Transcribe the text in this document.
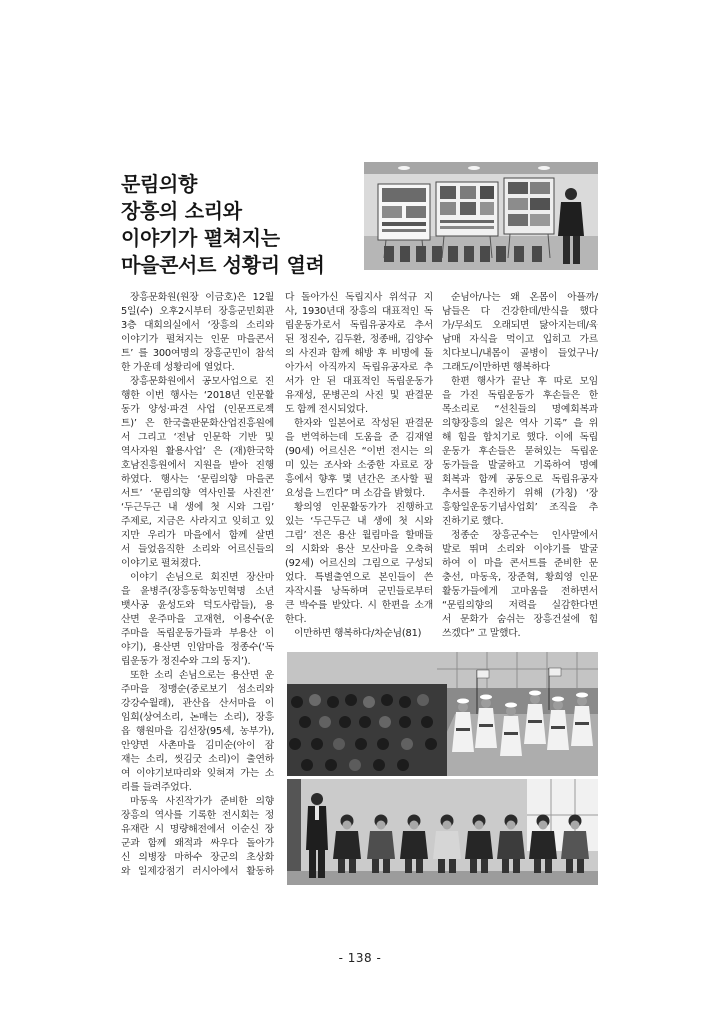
문림의향
장흥의 소리와
이야기가 펼쳐지는
마을콘서트 성황리 열려
장흥문화원(원장 이금호)은 12월
5일(수) 오후2시부터 장흥군민회관
3층 대회의실에서 ‘장흥의 소리와
이야기가 펼쳐지는 인문 마을콘서
트’ 를 300여명의 장흥군민이 참석
한 가운데 성황리에 열었다.
장흥문화원에서 공모사업으로 진
행한 이번 행사는 ‘2018년 인문활
동가 양성·파견 사업 (인문프로젝
트)’ 은 한국출판문화산업진흥원에
서 그리고 ‘전남 인문학 기반 및
역사자원 활용사업’ 은 (재)한국학
호남진흥원에서 지원을 받아 진행
하였다. 행사는 ‘문림의향 마을콘
서트’ ‘문림의향 역사인물 사진전’
‘두근두근 내 생에 첫 시와 그림’
주제로, 지금은 사라지고 잊히고 있
지만 우리가 마을에서 함께 살면
서 들었음직한 소리와 어르신들의
이야기로 펼쳐졌다.
이야기 손님으로 회진면 장산마
을 윤병주(장흥동학농민혁명 소년
뱃사공 윤성도와 덕도사람들), 용
산면 운주마을 고재현, 이용수(운
주마을 독립운동가들과 부용산 이
야기), 용산면 인암마을 정종수(‘독
립운동가 정진수와 그의 동지’).
또한 소리 손님으로는 용산면 운
주마을 정맹순(중로보기 섬소리와
강강수월래), 관산읍 산서마을 이
임희(상여소리, 논매는 소리), 장흥
읍 행원마을 김선장(95세, 농부가),
안양면 사촌마을 김미순(아이 잠
재는 소리, 씻김굿 소리)이 출연하
여 이야기보따리와 잊혀져 가는 소
리를 들려주었다.
마동욱 사진작가가 준비한 의향
장흥의 역사를 기록한 전시회는 정
유재란 시 명량해전에서 이순신 장
군과 함께 왜적과 싸우다 돌아가
신 의병장 마하수 장군의 초상화
와 일제강점기 러시아에서 활동하
다 돌아가신 독립지사 위석규 지
사, 1930년대 장흥의 대표적인 독
립운동가로서 독립유공자로 추서
된 정진수, 김두환, 정종배, 김양수
의 사진과 함께 해방 후 비명에 돌
아가서 아직까지 독립유공자로 추
서가 안 된 대표적인 독립운동가
유재성, 문병곤의 사진 및 판결문
도 함께 전시되었다.
한자와 일본어로 작성된 판결문
을 번역하는데 도움을 준 김재열
(90세) 어르신은 “이번 전시는 의
미 있는 조사와 소중한 자료로 장
흥에서 향후 몇 년간은 조사할 필
요성을 느낀다” 며 소감을 밝혔다.
황의영 인문활동가가 진행하고
있는 ‘두근두근 내 생에 첫 시와
그림’ 전은 용산 월림마을 할매들
의 시화와 용산 모산마을 오축혀
(92세) 어르신의 그림으로 구성되
었다. 특별출연으로 본인들이 쓴
자작시를 낭독하며 군민들로부터
큰 박수를 받았다. 시 한편을 소개
한다.
이만하면 행복하다/차순님(81)
순님아/나는 왜 온몸이 아플까/
남들은 다 건강한데/반식을 했다
가/무쇠도 오래되면 닳아지는데/육
남매 자식을 먹이고 입히고 가르
치다보니/내몸이 골병이 들었구나/
그래도/이만하면 행복하다
한편 행사가 끝난 후 따로 모임
을 가진 독립운동가 후손들은 한
목소리로 “선친들의 명예회복과
의향장흥의 잃은 역사 기록” 을 위
해 힘을 합치기로 했다. 이에 독립
운동가 후손들은 묻혀있는 독립운
동가들을 발굴하고 기록하여 명예
회복과 함께 공동으로 독립유공자
추서를 추진하기 위해 (가칭) ‘장
흥항일운동기념사업회’ 조직을 추
진하기로 했다.
정종순 장흥군수는 인사말에서
발로 뛰며 소리와 이야기를 발굴
하여 이 마을 콘서트를 준비한 문
충선, 마동욱, 장준혁, 황희영 인문
활동가들에게 고마움을 전하면서
“문림의향의 저력을 실감한다면
서 문화가 숨쉬는 장흥건설에 힘
쓰겠다” 고 말했다.
- 138 -
